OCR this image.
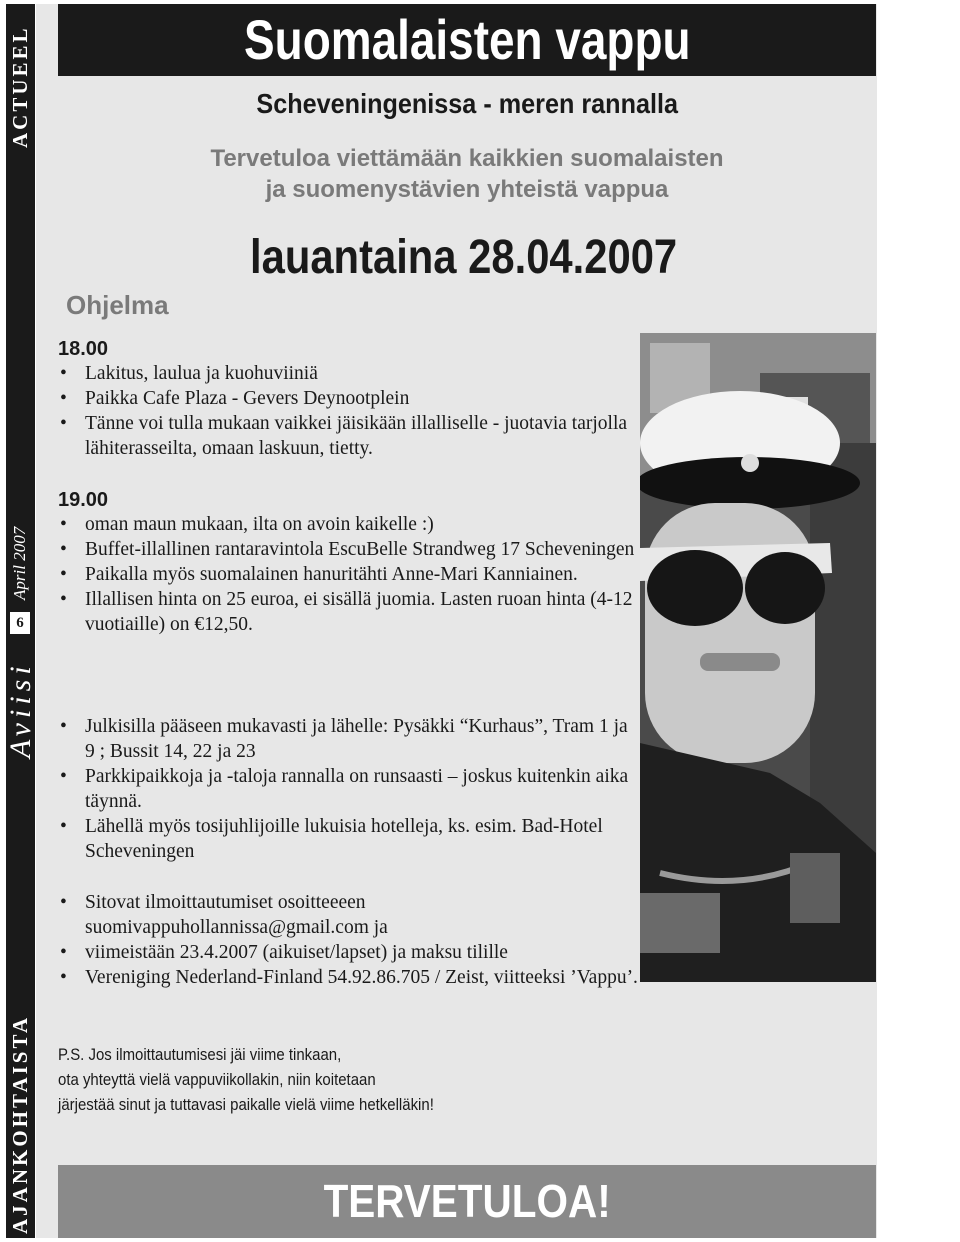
ACTUEEL
April 2007
6
Aviisi
AJANKOHTAISTA
Suomalaisten vappu
Scheveningenissa - meren rannalla
Tervetuloa viettämään kaikkien suomalaisten
ja suomenystävien yhteistä vappua
lauantaina 28.04.2007
Ohjelma
18.00
• Lakitus, laulua ja kuohuviiniä
• Paikka Cafe Plaza - Gevers Deynootplein
• Tänne voi tulla mukaan vaikkei jäisikään illalliselle - juotavia tarjolla lähiterasseilta, omaan laskuun, tietty.
19.00
• oman maun mukaan, ilta on avoin kaikelle :)
• Buffet-illallinen rantaravintola EscuBelle Strandweg 17 Scheveningen
• Paikalla myös suomalainen hanuritähti Anne-Mari Kanniainen.
• Illallisen hinta on 25 euroa, ei sisällä juomia. Lasten ruoan hinta (4-12 vuotiaille) on €12,50.
• Julkisilla pääseen mukavasti ja lähelle: Pysäkki “Kurhaus”, Tram 1 ja 9 ; Bussit 14, 22 ja 23
• Parkkipaikkoja ja -taloja rannalla on runsaasti – joskus kuitenkin aika täynnä.
• Lähellä myös tosijuhlijoille lukuisia hotelleja, ks. esim. Bad-Hotel Scheveningen
• Sitovat ilmoittautumiset osoitteeeen
suomivappuhollannissa@gmail.com ja
• viimeistään 23.4.2007 (aikuiset/lapset) ja maksu tilille
• Vereniging Nederland-Finland 54.92.86.705 / Zeist, viitteeksi ’Vappu’.
P.S. Jos ilmoittautumisesi jäi viime tinkaan,
ota yhteyttä vielä vappuviikollakin, niin koitetaan
järjestää sinut ja tuttavasi paikalle vielä viime hetkelläkin!
TERVETULOA!
